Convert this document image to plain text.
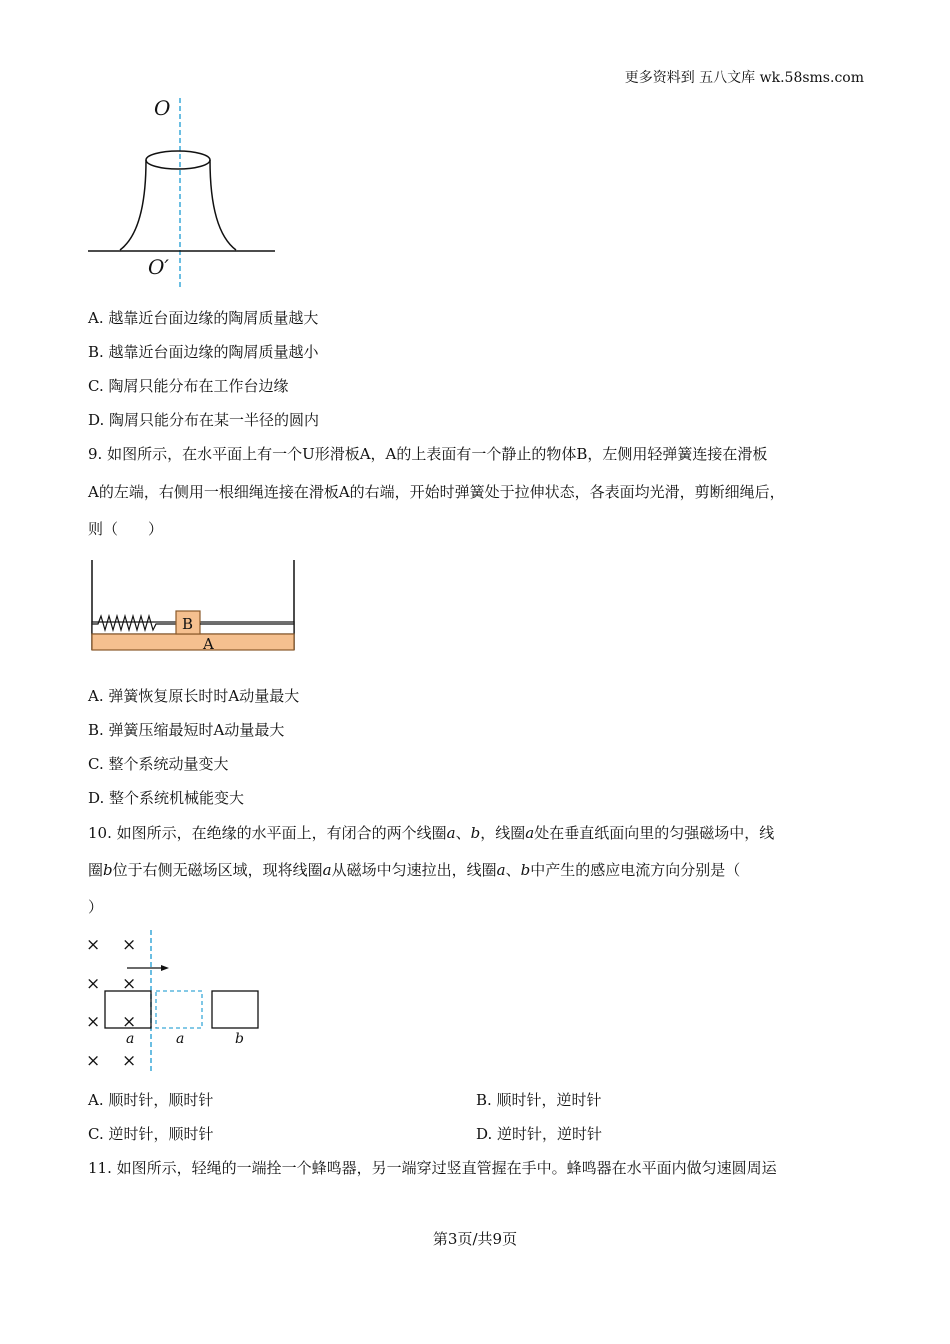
更多资料到 五八文库 wk.58sms.com
O
O′
A. 越靠近台面边缘的陶屑质量越大
B. 越靠近台面边缘的陶屑质量越小
C. 陶屑只能分布在工作台边缘
D. 陶屑只能分布在某一半径的圆内
9. 如图所示，在水平面上有一个U形滑板A，A的上表面有一个静止的物体B，左侧用轻弹簧连接在滑板
A的左端，右侧用一根细绳连接在滑板A的右端，开始时弹簧处于拉伸状态，各表面均光滑，剪断细绳后，
则（　　）
B
A
A. 弹簧恢复原长时时A动量最大
B. 弹簧压缩最短时A动量最大
C. 整个系统动量变大
D. 整个系统机械能变大
10. 如图所示，在绝缘的水平面上，有闭合的两个线圈a、b，线圈a处在垂直纸面向里的匀强磁场中，线
圈b位于右侧无磁场区域，现将线圈a从磁场中匀速拉出，线圈a、b中产生的感应电流方向分别是（
）
× ×
× ×
× ×
× ×
a	a	b
A. 顺时针，顺时针	B. 顺时针，逆时针
C. 逆时针，顺时针	D. 逆时针，逆时针
11. 如图所示，轻绳的一端拴一个蜂鸣器，另一端穿过竖直管握在手中。蜂鸣器在水平面内做匀速圆周运
第3页/共9页
